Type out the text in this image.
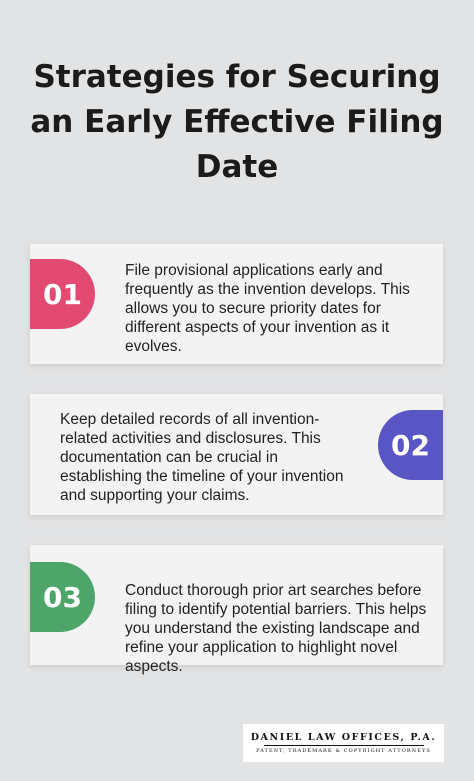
Strategies for Securing an Early Effective Filing Date
01
File provisional applications early and frequently as the invention develops. This allows you to secure priority dates for different aspects of your invention as it evolves.
Keep detailed records of all invention-related activities and disclosures. This documentation can be crucial in establishing the timeline of your invention and supporting your claims.
02
03	Conduct thorough prior art searches before filing to identify potential barriers. This helps you understand the existing landscape and refine your application to highlight novel aspects.
DANIEL LAW OFFICES, P.A.
PATENT, TRADEMARK & COPYRIGHT ATTORNEYS
